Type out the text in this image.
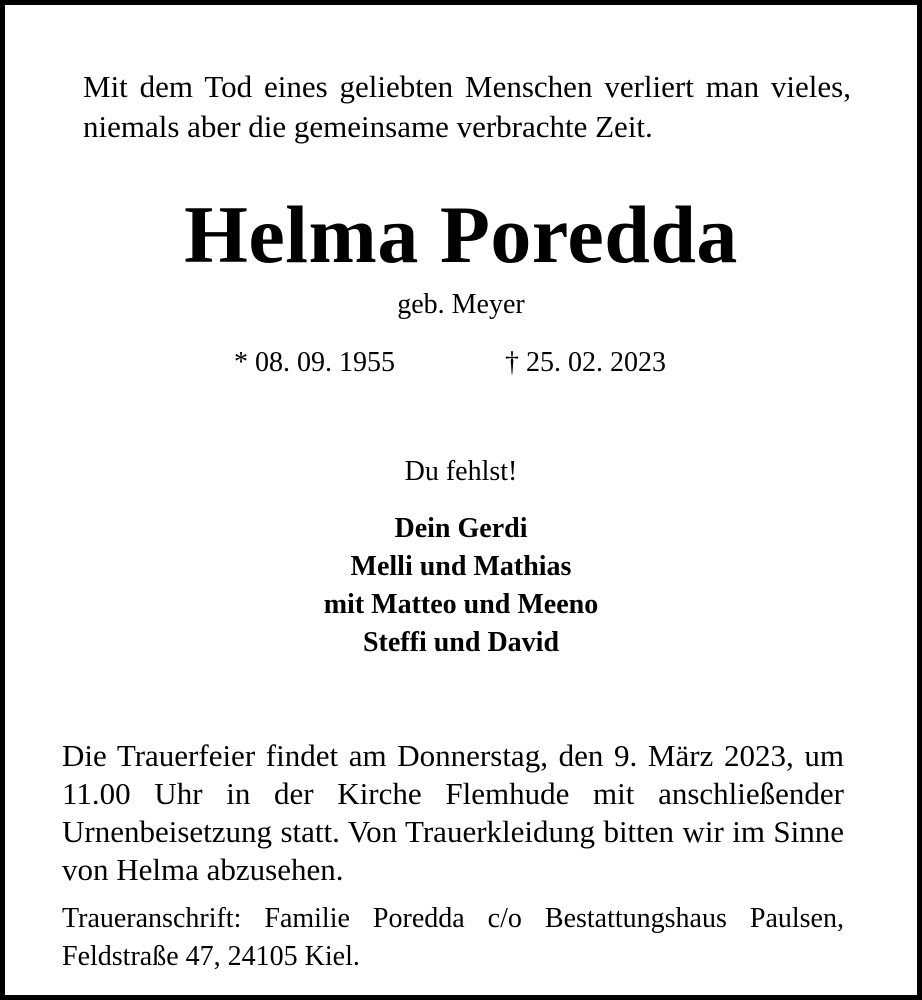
Mit dem Tod eines geliebten Menschen verliert man vieles, niemals aber die gemeinsame verbrachte Zeit.
Helma Poredda
geb. Meyer
* 08. 09. 1955	† 25. 02. 2023
Du fehlst!
Dein Gerdi
Melli und Mathias
mit Matteo und Meeno
Steffi und David
Die Trauerfeier findet am Donnerstag, den 9. März 2023, um 11.00 Uhr in der Kirche Flemhude mit anschließender Urnenbeisetzung statt. Von Trauerkleidung bitten wir im Sinne von Helma abzusehen.
Traueranschrift: Familie Poredda c/o Bestattungshaus Paulsen, Feldstraße 47, 24105 Kiel.
